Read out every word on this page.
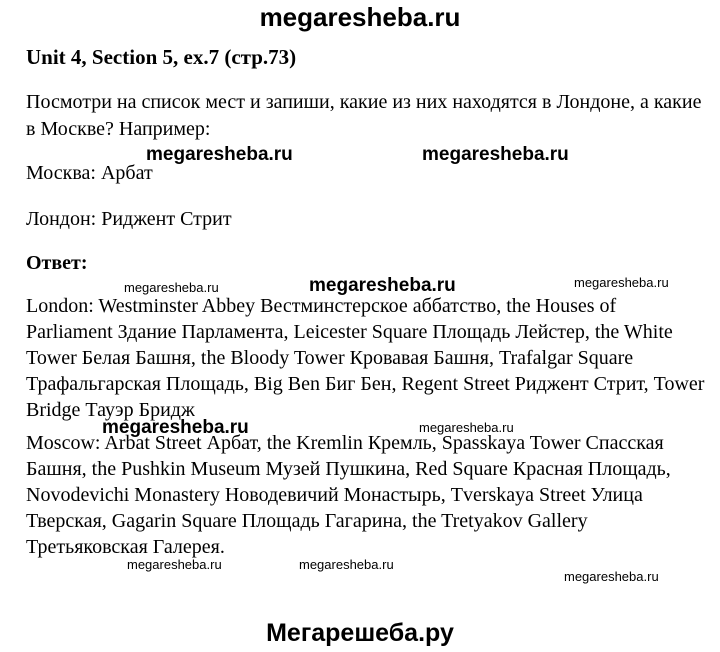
megaresheba.ru
Unit 4, Section 5, ex.7 (стр.73)

Посмотри на список мест и запиши, какие из них находятся в Лондоне, а какие в Москве? Например:

Москва: Арбат
Лондон: Риджент Стрит
Ответ:

London: Westminster Abbey Вестминстерское аббатство, the Houses of Parliament Здание Парламента, Leicester Square Площадь Лейстер, the White Tower Белая Башня, the Bloody Tower Кровавая Башня, Trafalgar Square Трафальгарская Площадь, Big Ben Биг Бен, Regent Street Риджент Стрит, Tower Bridge Тауэр Бридж

Moscow: Arbat Street Арбат, the Kremlin Кремль, Spasskaya Tower Спасская Башня, the Pushkin Museum Музей Пушкина, Red Square Красная Площадь, Novodevichi Monastery Новодевичий Монастырь, Tverskaya Street Улица Тверская, Gagarin Square Площадь Гагарина, the Tretyakov Gallery Третьяковская Галерея.

megaresheba.ru	megaresheba.ru
megaresheba.ru	megaresheba.ru	megaresheba.ru
megaresheba.ru	megaresheba.ru
megaresheba.ru	megaresheba.ru
megaresheba.ru
Мегарешеба.ру
